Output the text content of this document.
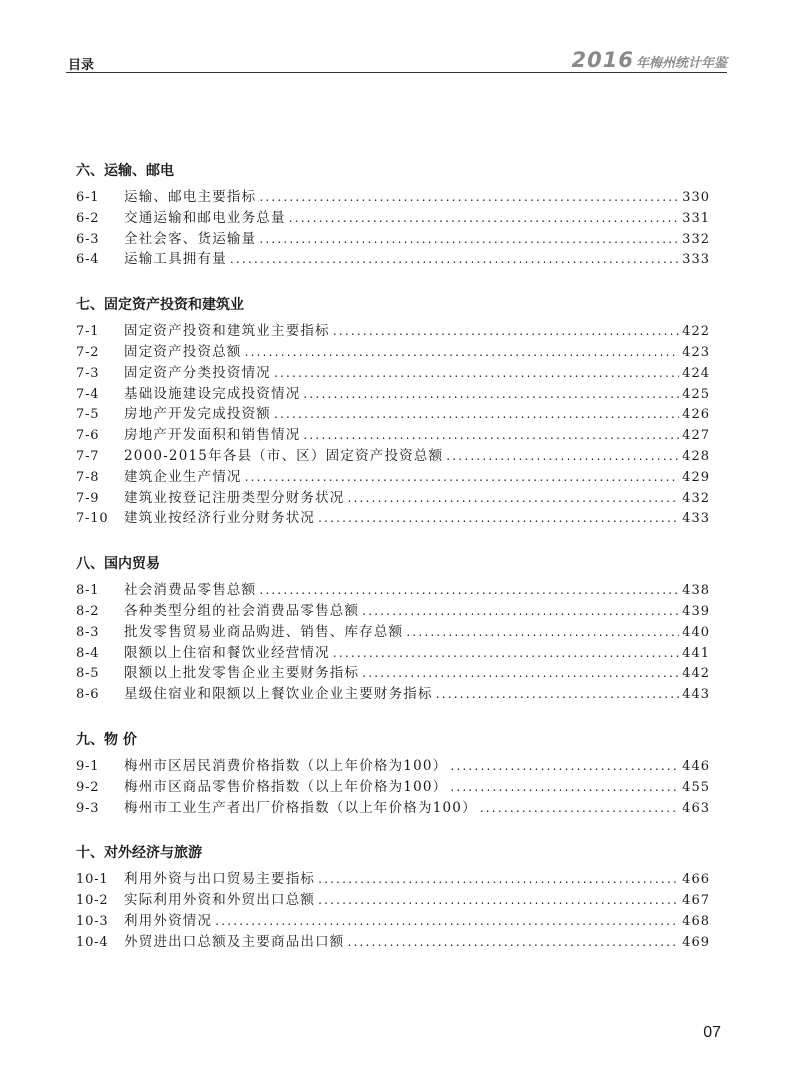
目录	2016 年梅州统计年鉴
六、运输、邮电
6-1	运输、邮电主要指标 .....	330
6-2	交通运输和邮电业务总量 .....	331
6-3	全社会客、货运输量 .....	332
6-4	运输工具拥有量 .....	333
七、固定资产投资和建筑业
7-1	固定资产投资和建筑业主要指标 .....	422
7-2	固定资产投资总额 .....	423
7-3	固定资产分类投资情况 .....	424
7-4	基础设施建设完成投资情况 .....	425
7-5	房地产开发完成投资额 .....	426
7-6	房地产开发面积和销售情况 .....	427
7-7	2000-2015年各县（市、区）固定资产投资总额 .....	428
7-8	建筑企业生产情况 .....	429
7-9	建筑业按登记注册类型分财务状况 .....	432
7-10	建筑业按经济行业分财务状况 .....	433
八、国内贸易
8-1	社会消费品零售总额 .....	438
8-2	各种类型分组的社会消费品零售总额 .....	439
8-3	批发零售贸易业商品购进、销售、库存总额 .....	440
8-4	限额以上住宿和餐饮业经营情况 .....	441
8-5	限额以上批发零售企业主要财务指标 .....	442
8-6	星级住宿业和限额以上餐饮业企业主要财务指标 .....	443
九、物 价
9-1	梅州市区居民消费价格指数（以上年价格为100） .....	446
9-2	梅州市区商品零售价格指数（以上年价格为100） .....	455
9-3	梅州市工业生产者出厂价格指数（以上年价格为100） .....	463
十、对外经济与旅游
10-1	利用外资与出口贸易主要指标 .....	466
10-2	实际利用外资和外贸出口总额 .....	467
10-3	利用外资情况 .....	468
10-4	外贸进出口总额及主要商品出口额 .....	469
07
